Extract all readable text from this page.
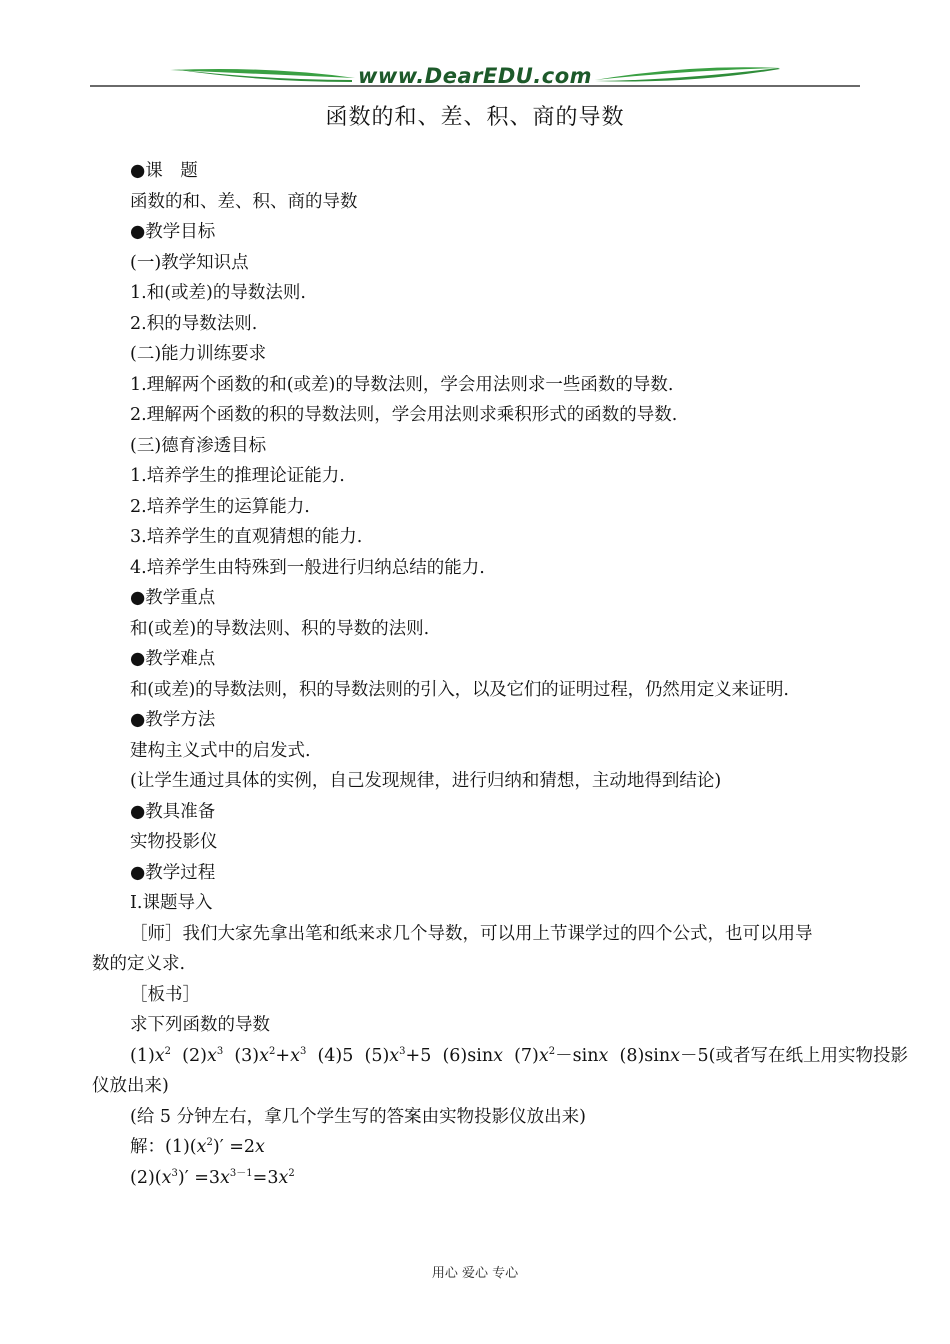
www.DearEDU.com
函数的和、差、积、商的导数
●课　题
函数的和、差、积、商的导数
●教学目标
(一)教学知识点
1.和(或差)的导数法则.
2.积的导数法则.
(二)能力训练要求
1.理解两个函数的和(或差)的导数法则，学会用法则求一些函数的导数.
2.理解两个函数的积的导数法则，学会用法则求乘积形式的函数的导数.
(三)德育渗透目标
1.培养学生的推理论证能力.
2.培养学生的运算能力.
3.培养学生的直观猜想的能力.
4.培养学生由特殊到一般进行归纳总结的能力.
●教学重点
和(或差)的导数法则、积的导数的法则.
●教学难点
和(或差)的导数法则，积的导数法则的引入，以及它们的证明过程，仍然用定义来证明.
●教学方法
建构主义式中的启发式.
(让学生通过具体的实例，自己发现规律，进行归纳和猜想，主动地得到结论)
●教具准备
实物投影仪
●教学过程
Ⅰ.课题导入
［师］我们大家先拿出笔和纸来求几个导数，可以用上节课学过的四个公式，也可以用导
数的定义求.
［板书］
求下列函数的导数
$(1)x^2$  $(2)x^3$  $(3)x^2+x^3$  (4)5  $(5)x^3+5$  (6)sinx  $(7)x^2-\sin x$  (8)sinx－5(或者写在纸上用实物投影
仪放出来)
(给 5 分钟左右，拿几个学生写的答案由实物投影仪放出来)
解：$(1)(x^2)' =2x$
$(2)(x^3)' =3x^{3-1}=3x^2$
用心 爱心 专心
